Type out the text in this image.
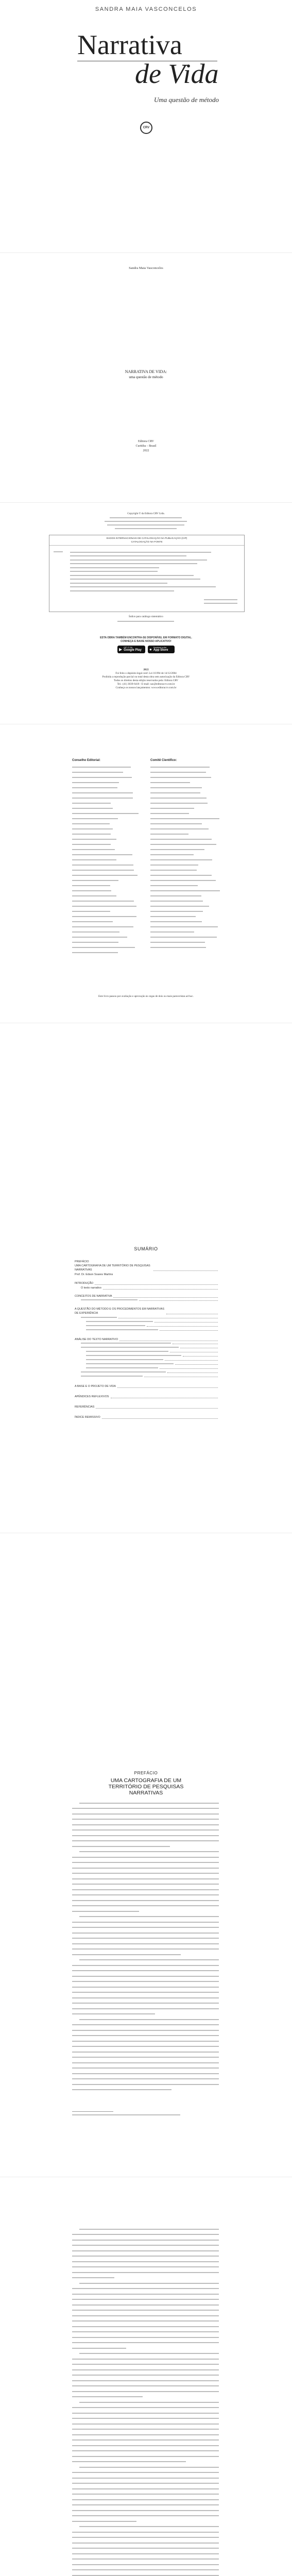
SANDRA MAIA VASCONCELOS
Narrativa
de Vida
Uma questão de método
CRV
Sandra Maia Vasconcelos
NARRATIVA DE VIDA:
uma questão de método
Editora CRV
Curitiba – Brasil
2022
Copyright © da Editora CRV Ltda.
DADOS INTERNACIONAIS DE CATALOGAÇÃO NA PUBLICAÇÃO (CIP)
CATALOGAÇÃO NA FONTE
Índice para catálogo sistemático
ESTA OBRA TAMBÉM ENCONTRA-SE DISPONÍVEL EM FORMATO DIGITAL.
CONHEÇA E BAIXE NOSSO APLICATIVO!
▶ GET IT ON
Google Play ● Download on the
App Store
2022
Foi feito o depósito legal conf. Lei 10.994 de 14/12/2004
Proibida a reprodução parcial ou total desta obra sem autorização da Editora CRV
Todos os direitos desta edição reservados pela: Editora CRV
Tel.: (41) 3039-6418 - E-mail: sac@editoracrv.com.br
Conheça os nossos lançamentos: www.editoracrv.com.br
Conselho Editorial:	Comitê Científico:
Este livro passou por avaliação e aprovação às cegas de dois ou mais pareceristas ad hoc.
SUMÁRIO
PREFÁCIO
UMA CARTOGRAFIA DE UM TERRITÓRIO DE PESQUISAS NARRATIVAS
Prof. Dr. Edson Soares Martins
INTRODUÇÃO
O texto narrativo
CONCEITOS DE NARRATIVA
A QUESTÃO DO MÉTODO E OS PROCEDIMENTOS EM NARRATIVAS DE EXPERIÊNCIA
ANÁLISE DO TEXTO NARRATIVO
A BASE E O PROJETO DE VIDA
APÊNDICES REFLEXIVOS
REFERÊNCIAS
ÍNDICE REMISSIVO
PREFÁCIO
UMA CARTOGRAFIA DE UM
TERRITÓRIO DE PESQUISAS
NARRATIVAS
